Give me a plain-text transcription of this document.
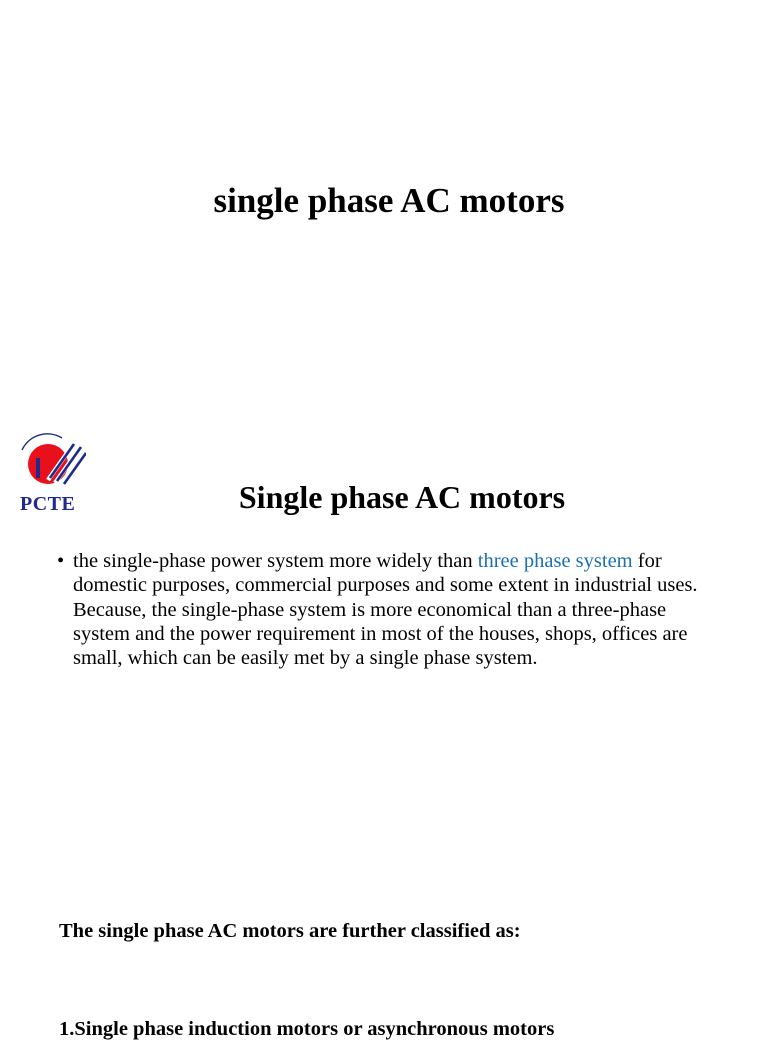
single phase AC motors

PCTE	Single phase AC motors
• the single-phase power system more widely than three phase system for domestic purposes, commercial purposes and some extent in industrial uses. Because, the single-phase system is more economical than a three-phase system and the power requirement in most of the houses, shops, offices are small, which can be easily met by a single phase system.

The single phase AC motors are further classified as:

1.Single phase induction motors or asynchronous motors
